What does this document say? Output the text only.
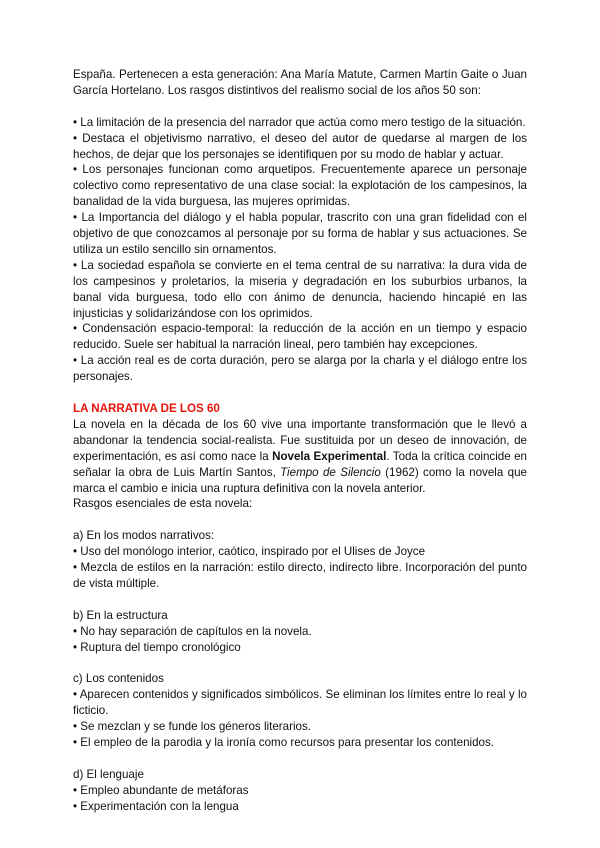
España. Pertenecen a esta generación: Ana María Matute, Carmen Martín Gaite o Juan García Hortelano. Los rasgos distintivos del realismo social de los años 50 son:

• La limitación de la presencia del narrador que actúa como mero testigo de la situación.

• Destaca el objetivismo narrativo, el deseo del autor de quedarse al margen de los hechos, de dejar que los personajes se identifiquen por su modo de hablar y actuar.

• Los personajes funcionan como arquetipos. Frecuentemente aparece un personaje colectivo como representativo de una clase social: la explotación de los campesinos, la banalidad de la vida burguesa, las mujeres oprimidas.

• La Importancia del diálogo y el habla popular, trascrito con una gran fidelidad con el objetivo de que conozcamos al personaje por su forma de hablar y sus actuaciones. Se utiliza un estilo sencillo sin ornamentos.

• La sociedad española se convierte en el tema central de su narrativa: la dura vida de los campesinos y proletarios, la miseria y degradación en los suburbios urbanos, la banal vida burguesa, todo ello con ánimo de denuncia, haciendo hincapié en las injusticias y solidarizándose con los oprimidos.

• Condensación espacio-temporal: la reducción de la acción en un tiempo y espacio reducido. Suele ser habitual la narración lineal, pero también hay excepciones.

• La acción real es de corta duración, pero se alarga por la charla y el diálogo entre los personajes.

LA NARRATIVA DE LOS 60

La novela en la década de los 60 vive una importante transformación que le llevó a abandonar la tendencia social-realista. Fue sustituida por un deseo de innovación, de experimentación, es así como nace la Novela Experimental. Toda la crítica coincide en señalar la obra de Luis Martín Santos, Tiempo de Silencio (1962) como la novela que marca el cambio e inicia una ruptura definitiva con la novela anterior.

Rasgos esenciales de esta novela:

a) En los modos narrativos:

• Uso del monólogo interior, caótico, inspirado por el Ulises de Joyce

• Mezcla de estilos en la narración: estilo directo, indirecto libre. Incorporación del punto de vista múltiple.

b) En la estructura

• No hay separación de capítulos en la novela.

• Ruptura del tiempo cronológico

c) Los contenidos

• Aparecen contenidos y significados simbólicos. Se eliminan los límites entre lo real y lo ficticio.

• Se mezclan y se funde los géneros literarios.

• El empleo de la parodia y la ironía como recursos para presentar los contenidos.

d) El lenguaje

• Empleo abundante de metáforas

• Experimentación con la lengua
